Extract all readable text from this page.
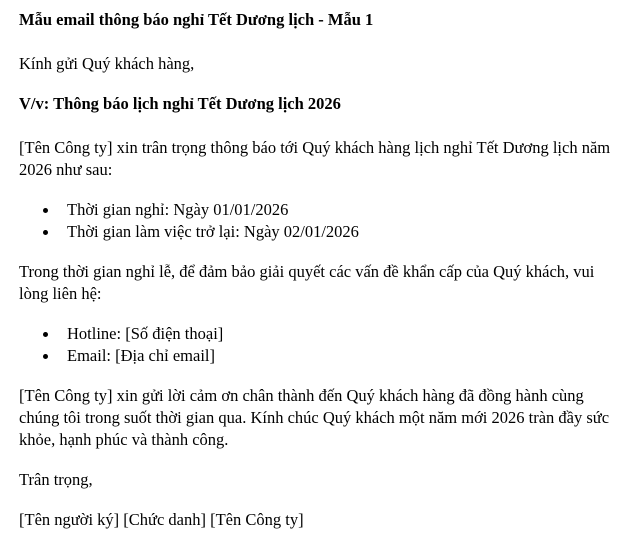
Mẫu email thông báo nghỉ Tết Dương lịch - Mẫu 1

Kính gửi Quý khách hàng,

V/v: Thông báo lịch nghỉ Tết Dương lịch 2026

[Tên Công ty] xin trân trọng thông báo tới Quý khách hàng lịch nghỉ Tết Dương lịch năm 2026 như sau:

Thời gian nghỉ: Ngày 01/01/2026
Thời gian làm việc trở lại: Ngày 02/01/2026

Trong thời gian nghỉ lễ, để đảm bảo giải quyết các vấn đề khẩn cấp của Quý khách, vui lòng liên hệ:

Hotline: [Số điện thoại]
Email: [Địa chỉ email]

[Tên Công ty] xin gửi lời cảm ơn chân thành đến Quý khách hàng đã đồng hành cùng chúng tôi trong suốt thời gian qua. Kính chúc Quý khách một năm mới 2026 tràn đầy sức khỏe, hạnh phúc và thành công.

Trân trọng,

[Tên người ký] [Chức danh] [Tên Công ty]
